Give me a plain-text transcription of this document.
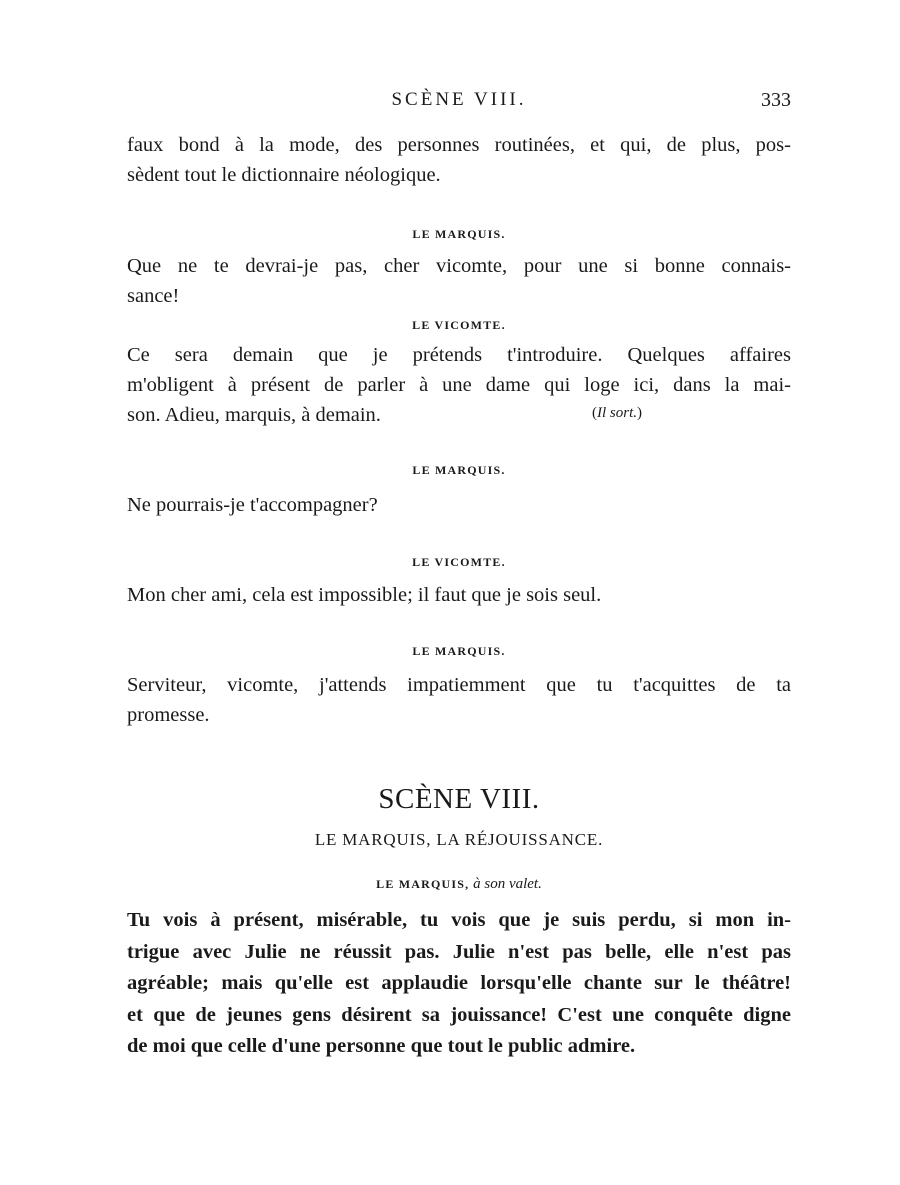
SCÈNE VIII.	333
faux bond à la mode, des personnes routinées, et qui, de plus, pos-
sèdent tout le dictionnaire néologique.
LE MARQUIS.
Que ne te devrai-je pas, cher vicomte, pour une si bonne connais-
sance!
LE VICOMTE.
Ce sera demain que je prétends t'introduire. Quelques affaires
m'obligent à présent de parler à une dame qui loge ici, dans la mai-
son. Adieu, marquis, à demain.	(Il sort.)
LE MARQUIS.
Ne pourrais-je t'accompagner?
LE VICOMTE.
Mon cher ami, cela est impossible; il faut que je sois seul.
LE MARQUIS.
Serviteur, vicomte, j'attends impatiemment que tu t'acquittes de ta
promesse.
SCÈNE VIII.
LE MARQUIS, LA RÉJOUISSANCE.
LE MARQUIS, à son valet.
Tu vois à présent, misérable, tu vois que je suis perdu, si mon in-
trigue avec Julie ne réussit pas. Julie n'est pas belle, elle n'est pas
agréable; mais qu'elle est applaudie lorsqu'elle chante sur le théâtre!
et que de jeunes gens désirent sa jouissance! C'est une conquête digne
de moi que celle d'une personne que tout le public admire.
